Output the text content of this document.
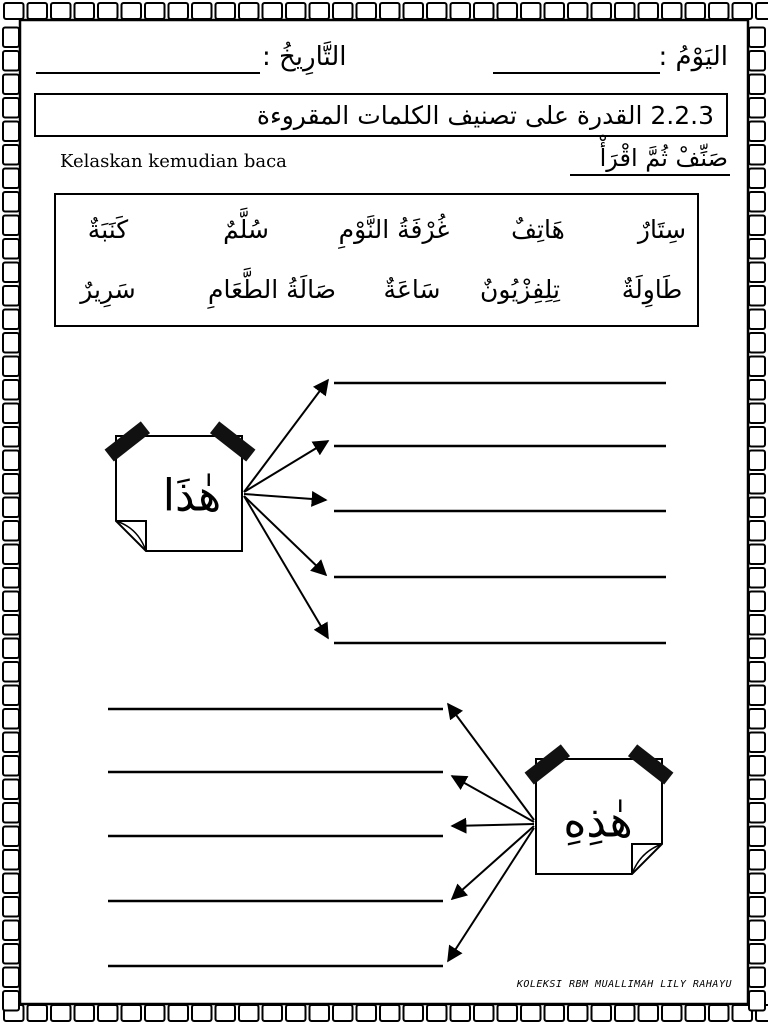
اليَوْمُ :
التَّارِيخُ :
2.2.3 القدرة على تصنيف الكلمات المقروءة
Kelaskan kemudian baca	صَنِّفْ ثُمَّ اقْرَأْ
سِتَارٌ
هَاتِفٌ
غُرْفَةُ النَّوْمِ
سُلَّمٌ
كَنَبَةٌ
طَاوِلَةٌ
تِلِفِزْيُونٌ
سَاعَةٌ
صَالَةُ الطَّعَامِ
سَرِيرٌ
هٰذَا
هٰذِهِ
KOLEKSI RBM MUALLIMAH LILY RAHAYU
